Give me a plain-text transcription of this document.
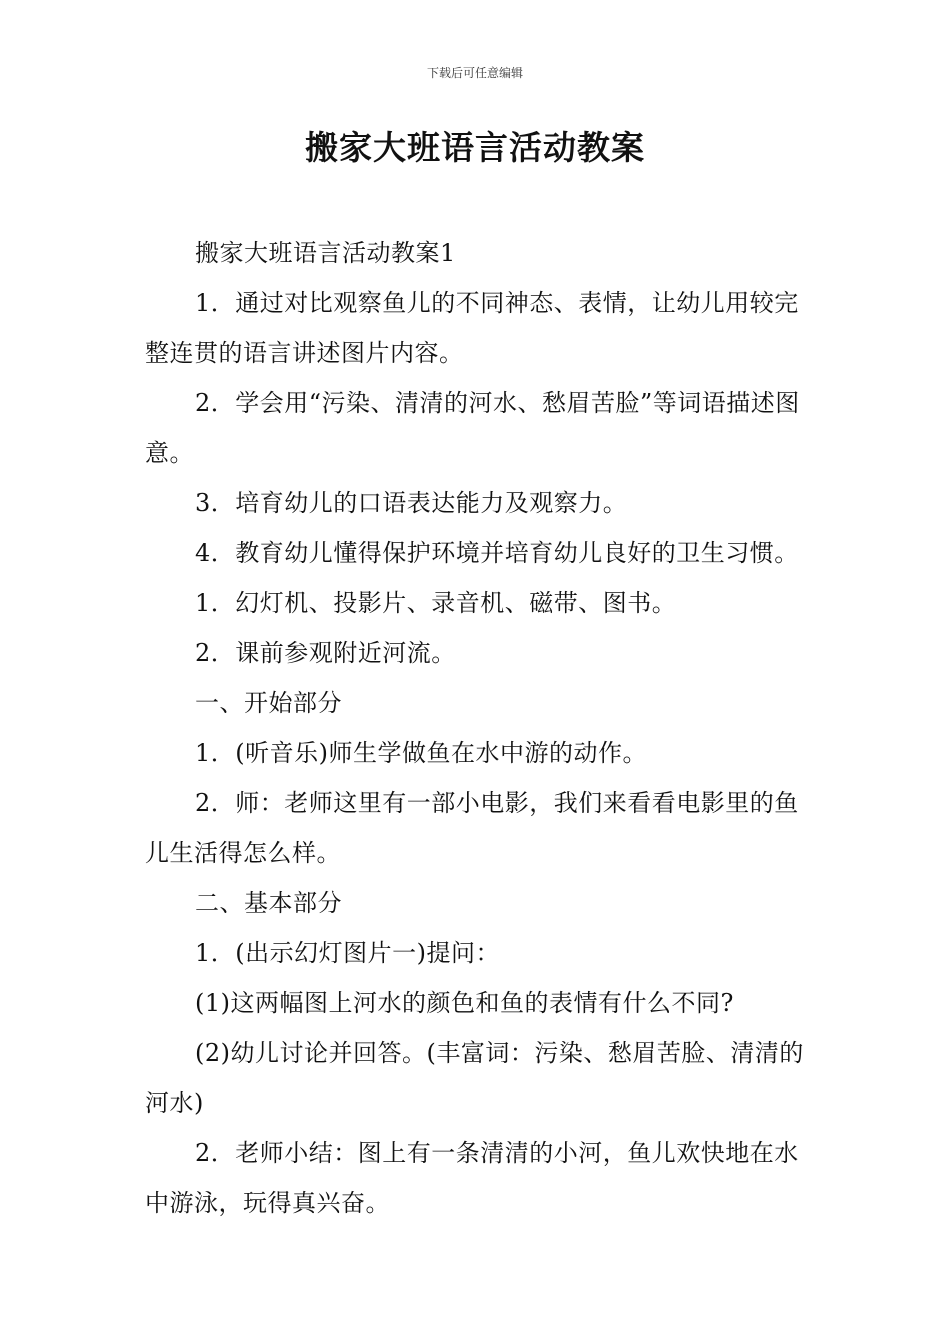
下载后可任意编辑
搬家大班语言活动教案

搬家大班语言活动教案1

1．通过对比观察鱼儿的不同神态、表情，让幼儿用较完整连贯的语言讲述图片内容。

2．学会用“污染、清清的河水、愁眉苦脸”等词语描述图意。

3．培育幼儿的口语表达能力及观察力。

4．教育幼儿懂得保护环境并培育幼儿良好的卫生习惯。

1．幻灯机、投影片、录音机、磁带、图书。

2．课前参观附近河流。

一、开始部分

1．(听音乐)师生学做鱼在水中游的动作。

2．师：老师这里有一部小电影，我们来看看电影里的鱼儿生活得怎么样。

二、基本部分

1．(出示幻灯图片一)提问：

(1)这两幅图上河水的颜色和鱼的表情有什么不同?

(2)幼儿讨论并回答。(丰富词：污染、愁眉苦脸、清清的河水)

2．老师小结：图上有一条清清的小河，鱼儿欢快地在水中游泳，玩得真兴奋。
